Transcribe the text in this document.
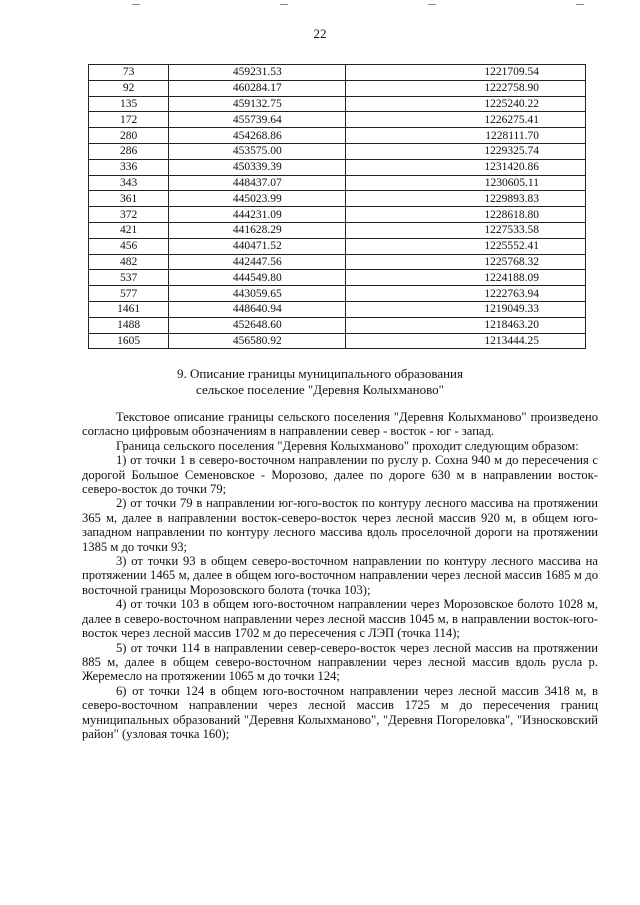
22
73	459231.53	1221709.54
92	460284.17	1222758.90
135	459132.75	1225240.22
172	455739.64	1226275.41
280	454268.86	1228111.70
286	453575.00	1229325.74
336	450339.39	1231420.86
343	448437.07	1230605.11
361	445023.99	1229893.83
372	444231.09	1228618.80
421	441628.29	1227533.58
456	440471.52	1225552.41
482	442447.56	1225768.32
537	444549.80	1224188.09
577	443059.65	1222763.94
1461	448640.94	1219049.33
1488	452648.60	1218463.20
1605	456580.92	1213444.25
9. Описание границы муниципального образования
сельское поселение "Деревня Колыхманово"

Текстовое описание границы сельского поселения "Деревня Колыхманово" произведено согласно цифровым обозначениям в направлении север - восток - юг - запад.

Граница сельского поселения "Деревня Колыхманово" проходит следующим образом:

1) от точки 1 в северо-восточном направлении по руслу р. Сохна 940 м до пересечения с дорогой Большое Семеновское - Морозово, далее по дороге 630 м в направлении восток-северо-восток до точки 79;

2) от точки 79 в направлении юг-юго-восток по контуру лесного массива на протяжении 365 м, далее в направлении восток-северо-восток через лесной массив 920 м, в общем юго-западном направлении по контуру лесного массива вдоль проселочной дороги на протяжении 1385 м до точки 93;

3) от точки 93 в общем северо-восточном направлении по контуру лесного массива на протяжении 1465 м, далее в общем юго-восточном направлении через лесной массив 1685 м до восточной границы Морозовского болота (точка 103);

4) от точки 103 в общем юго-восточном направлении через Морозовское болото 1028 м, далее в северо-восточном направлении через лесной массив 1045 м, в направлении восток-юго-восток через лесной массив 1702 м до пересечения с ЛЭП (точка 114);

5) от точки 114 в направлении север-северо-восток через лесной массив на протяжении 885 м, далее в общем северо-восточном направлении через лесной массив вдоль русла р. Жеремесло на протяжении 1065 м до точки 124;

6) от точки 124 в общем юго-восточном направлении через лесной массив 3418 м, в северо-восточном направлении через лесной массив 1725 м до пересечения границ муниципальных образований "Деревня Колыхманово", "Деревня Погореловка", "Износковский район" (узловая точка 160);
